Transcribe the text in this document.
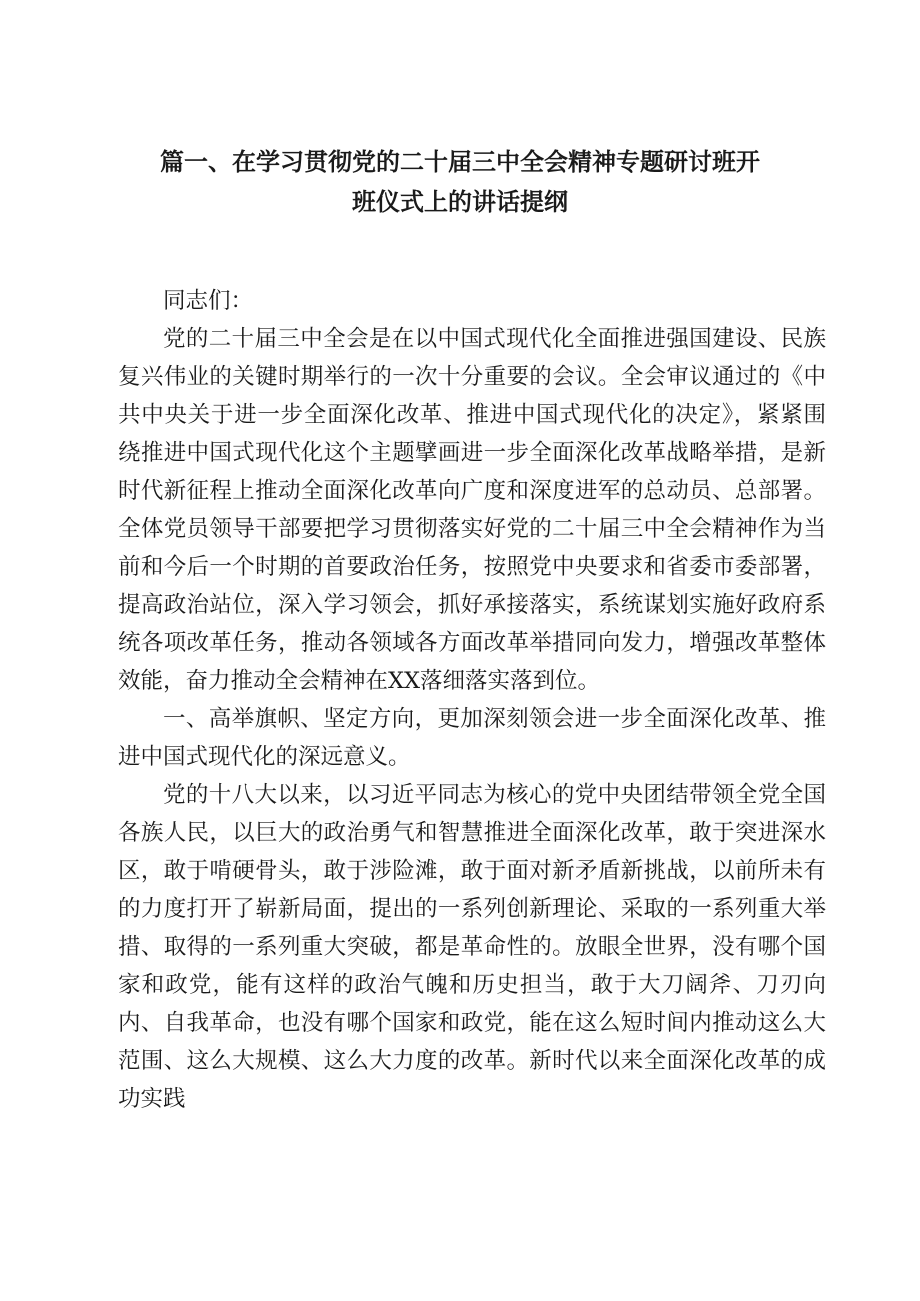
篇一、在学习贯彻党的二十届三中全会精神专题研讨班开
班仪式上的讲话提纲

同志们：

党的二十届三中全会是在以中国式现代化全面推进强国建设、民族复兴伟业的关键时期举行的一次十分重要的会议。全会审议通过的《中共中央关于进一步全面深化改革、推进中国式现代化的决定》，紧紧围绕推进中国式现代化这个主题擘画进一步全面深化改革战略举措，是新时代新征程上推动全面深化改革向广度和深度进军的总动员、总部署。全体党员领导干部要把学习贯彻落实好党的二十届三中全会精神作为当前和今后一个时期的首要政治任务，按照党中央要求和省委市委部署，提高政治站位，深入学习领会，抓好承接落实，系统谋划实施好政府系统各项改革任务，推动各领域各方面改革举措同向发力，增强改革整体效能，奋力推动全会精神在XX落细落实落到位。

一、高举旗帜、坚定方向，更加深刻领会进一步全面深化改革、推进中国式现代化的深远意义。

党的十八大以来，以习近平同志为核心的党中央团结带领全党全国各族人民，以巨大的政治勇气和智慧推进全面深化改革，敢于突进深水区，敢于啃硬骨头，敢于涉险滩，敢于面对新矛盾新挑战，以前所未有的力度打开了崭新局面，提出的一系列创新理论、采取的一系列重大举措、取得的一系列重大突破，都是革命性的。放眼全世界，没有哪个国家和政党，能有这样的政治气魄和历史担当，敢于大刀阔斧、刀刃向内、自我革命，也没有哪个国家和政党，能在这么短时间内推动这么大范围、这么大规模、这么大力度的改革。新时代以来全面深化改革的成功实践
